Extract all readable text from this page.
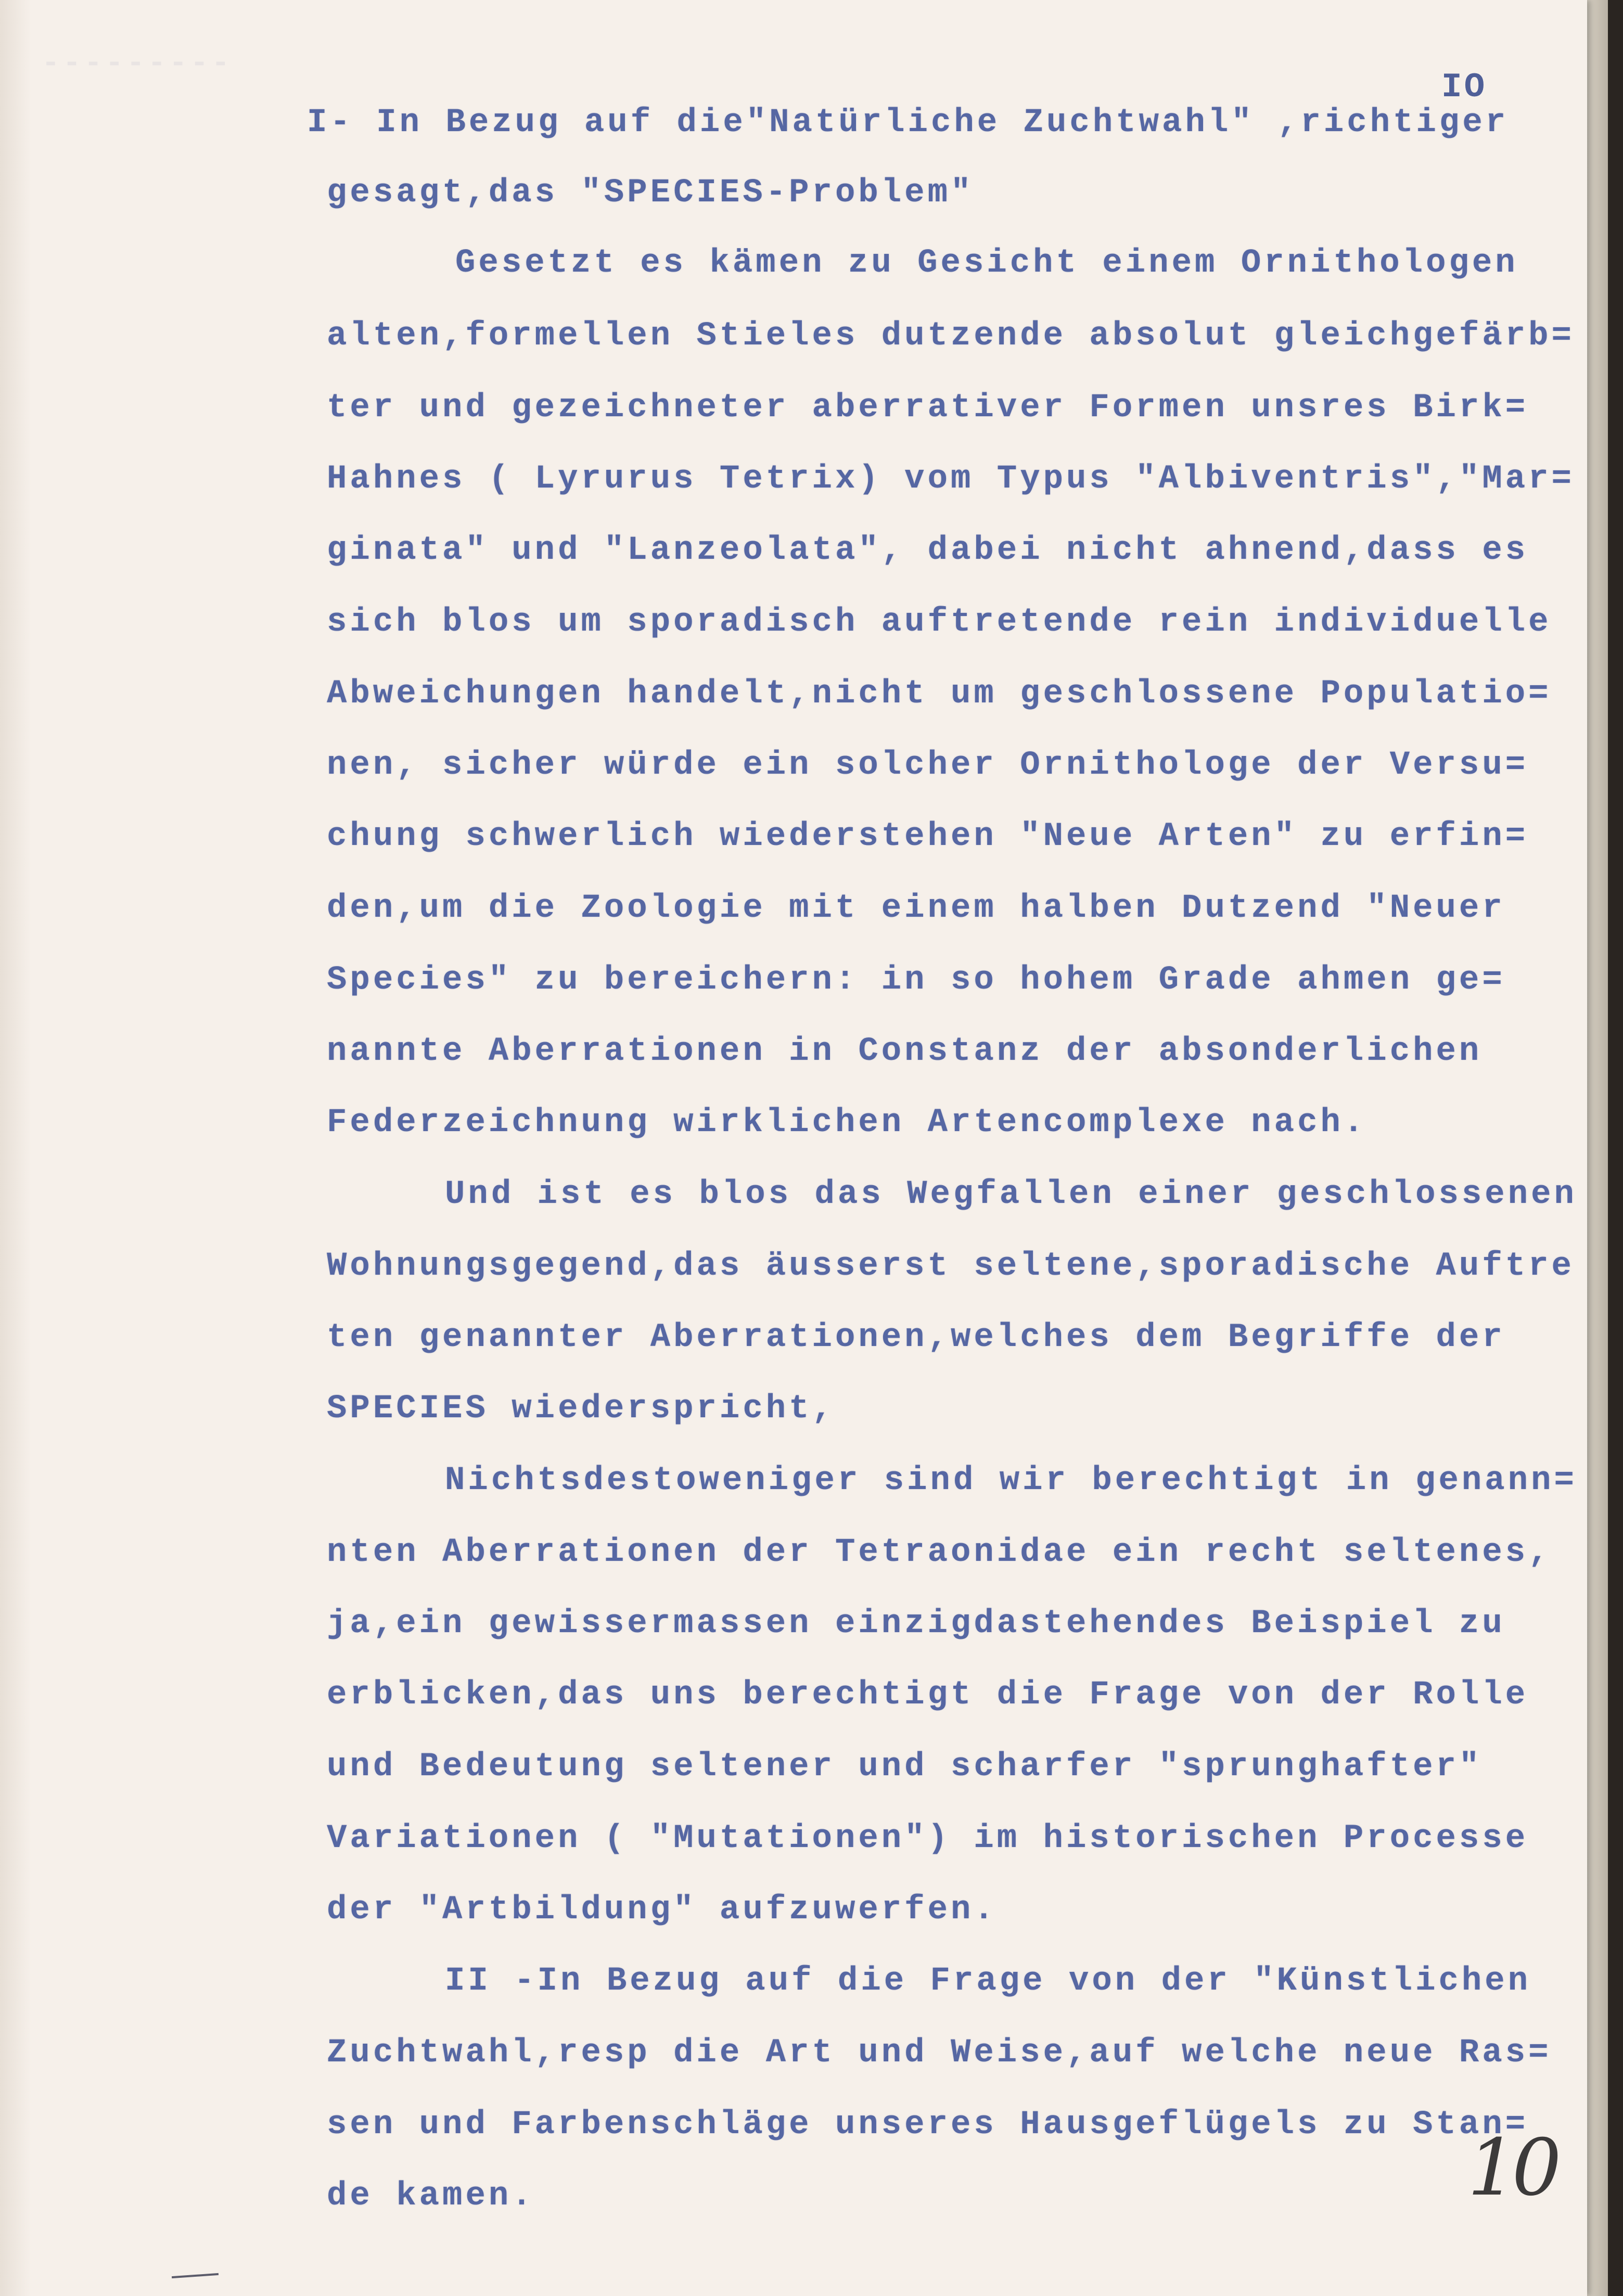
‐‐‐‐‐‐‐‐‐
IO
I- In Bezug auf die"Natürliche Zuchtwahl" ,richtiger
gesagt,das "SPECIES-Problem"
Gesetzt es kämen zu Gesicht einem Ornithologen
alten,formellen Stieles dutzende absolut gleichgefärb=
ter und gezeichneter aberrativer Formen unsres Birk=
Hahnes ( Lyrurus Tetrix) vom Typus "Albiventris","Mar=
ginata" und "Lanzeolata", dabei nicht ahnend,dass es
sich blos um sporadisch auftretende rein individuelle
Abweichungen handelt,nicht um geschlossene Populatio=
nen, sicher würde ein solcher Ornithologe der Versu=
chung schwerlich wiederstehen "Neue Arten" zu erfin=
den,um die Zoologie mit einem halben Dutzend "Neuer
Species" zu bereichern: in so hohem Grade ahmen ge=
nannte Aberrationen in Constanz der absonderlichen
Federzeichnung wirklichen Artencomplexe nach.
Und ist es blos das Wegfallen einer geschlossenen
Wohnungsgegend,das äusserst seltene,sporadische Auftre
ten genannter Aberrationen,welches dem Begriffe der
SPECIES wiederspricht,
Nichtsdestoweniger sind wir berechtigt in genann=
nten Aberrationen der Tetraonidae ein recht seltenes,
ja,ein gewissermassen einzigdastehendes Beispiel zu
erblicken,das uns berechtigt die Frage von der Rolle
und Bedeutung seltener und scharfer "sprunghafter"
Variationen ( "Mutationen") im historischen Processe
der "Artbildung" aufzuwerfen.
II -In Bezug auf die Frage von der "Künstlichen
Zuchtwahl,resp die Art und Weise,auf welche neue Ras=
sen und Farbenschläge unseres Hausgeflügels zu Stan=
de kamen.	10
